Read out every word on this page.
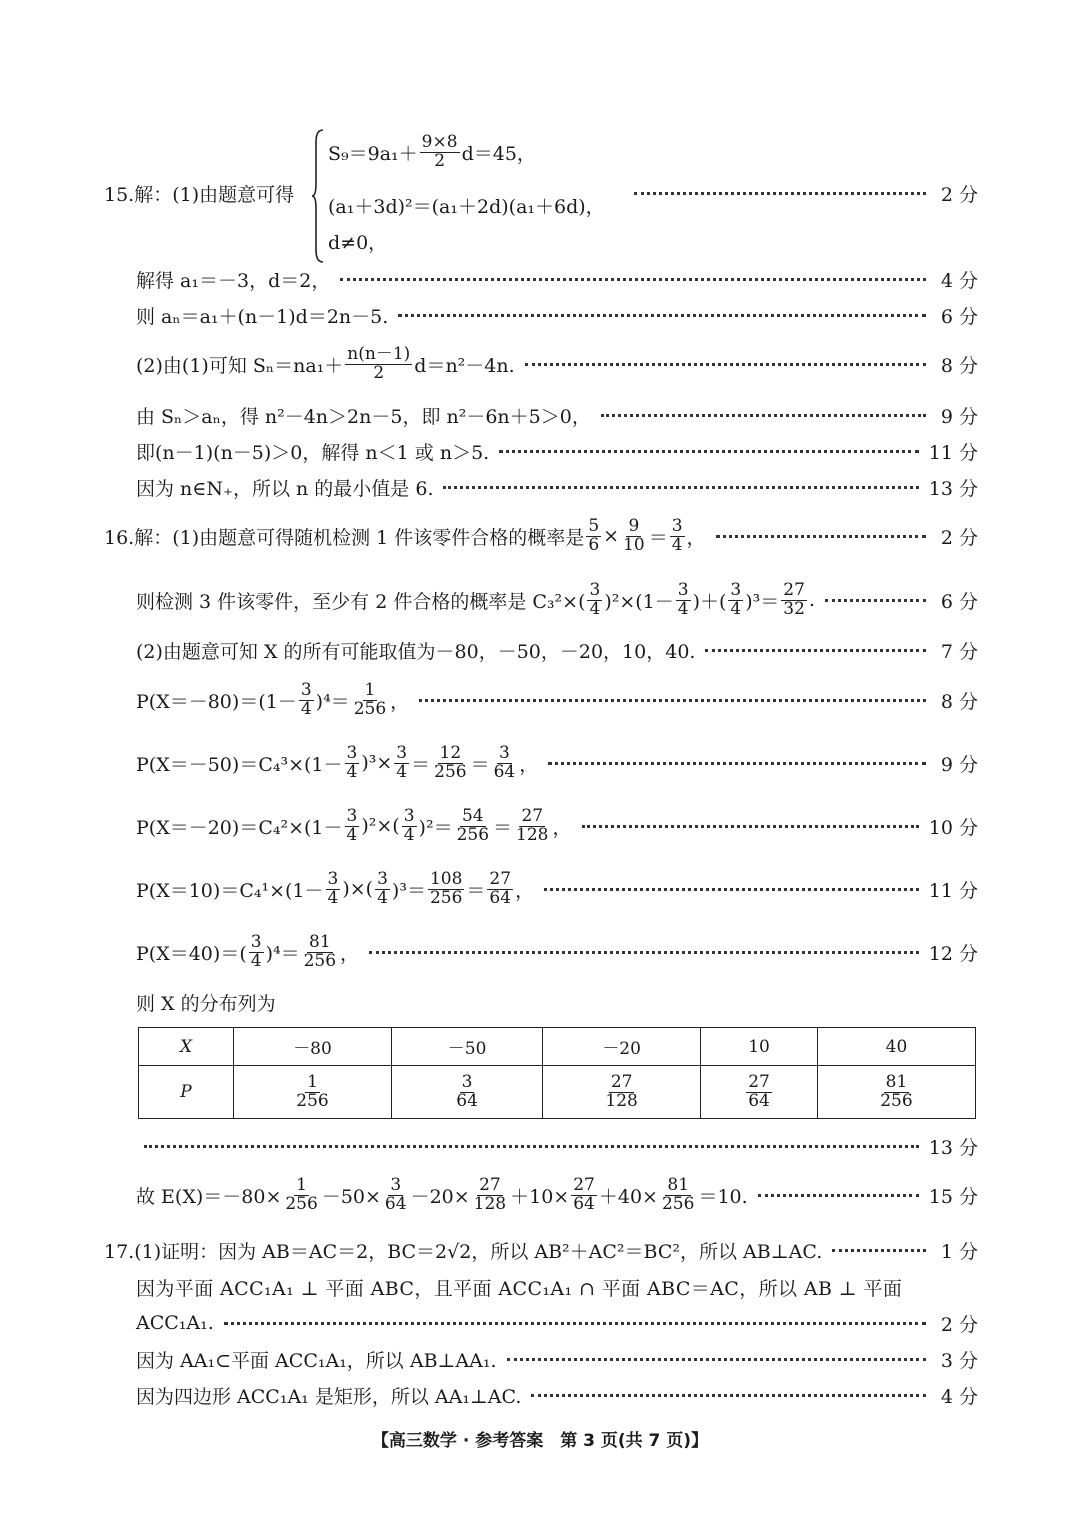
15.解：(1)由题意可得	2 分
$S_9=9a_1+ \frac{9\times 8}{2} d=45$，
(a₁＋3d)²＝(a₁＋2d)(a₁＋6d)，
d≠0，
解得 a₁＝－3，d＝2，	4 分
则 aₙ＝a₁＋(n－1)d＝2n－5.	6 分
(2)由(1)可知 $S_n=na_1+ \frac{n(n-1)}{2} d=n^2-4n$.	8 分
由 Sₙ＞aₙ，得 n²－4n＞2n－5，即 n²－6n＋5＞0，	9 分
即(n－1)(n－5)＞0，解得 n＜1 或 n＞5.	11 分
因为 n∈N₊，所以 n 的最小值是 6.	13 分
16.解：(1)由题意可得随机检测 1 件该零件合格的概率是 $\frac{5}{6} \times \frac{9}{10} = \frac{3}{4}$ ，	2 分
则检测 3 件该零件，至少有 2 件合格的概率是 $C_3^2\times( \frac{3}{4} )^2\times(1- \frac{3}{4}$ )＋( $\frac{3}{4} )^3= \frac{27}{32}$ .	6 分
(2)由题意可知 X 的所有可能取值为－80，－50，－20，10，40.	7 分
$P(X=-80)=(1- \frac{3}{4} )^4= \frac{1}{256}$ ，	8 分
$P(X=-50)=C_4^3\times(1- \frac{3}{4} )^3\times \frac{3}{4} = \frac{12}{256} = \frac{3}{64}$ ，	9 分
$P(X=-20)=C_4^2\times(1- \frac{3}{4} )^2\times( \frac{3}{4} )^2= \frac{54}{256} = \frac{27}{128}$ ，	10 分
$P(X=10)=C_4^1\times(1- \frac{3}{4}$ )×( $\frac{3}{4} )^3= \frac{108}{256} = \frac{27}{64}$ ，	11 分
$P(X=40)=( \frac{3}{4} )^4= \frac{81}{256}$ ，	12 分
则 X 的分布列为
X	－80	－50	－20	10	40
P	$\frac{1}{256}$	$\frac{3}{64}$	$\frac{27}{128}$	$\frac{27}{64}$	$\frac{81}{256}$
13 分
故 $E(X)=-80\times \frac{1}{256} -50\times \frac{3}{64} -20\times \frac{27}{128} +10\times \frac{27}{64} +40\times \frac{81}{256} =10$.	15 分
17.(1)证明：因为 AB＝AC＝2，BC＝2√2，所以 AB²＋AC²＝BC²，所以 AB⊥AC.	1 分
因为平面 ACC₁A₁ ⊥ 平面 ABC，且平面 ACC₁A₁ ∩ 平面 ABC＝AC，所以 AB ⊥ 平面
ACC₁A₁.	2 分
因为 AA₁⊂平面 ACC₁A₁，所以 AB⊥AA₁.	3 分
因为四边形 ACC₁A₁ 是矩形，所以 AA₁⊥AC.	4 分
【高三数学 · 参考答案　第 3 页(共 7 页)】
